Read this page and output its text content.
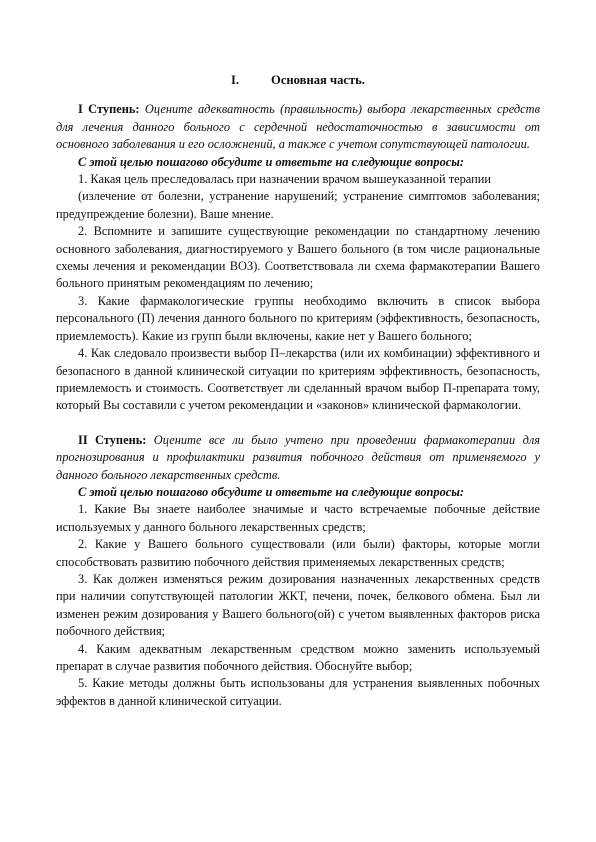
I.	Основная часть.

I Ступень: Оцените адекватность (правильность) выбора лекарственных средств для лечения данного больного с сердечной недостаточностью в зависимости от основного заболевания и его осложнений, а также с учетом сопутствующей патологии.

С этой целью пошагово обсудите и ответьте на следующие вопросы:

1. Какая цель преследовалась при назначении врачом вышеуказанной терапии

(излечение от болезни, устранение нарушений; устранение симптомов заболевания; предупреждение болезни). Ваше мнение.

2. Вспомните и запишите существующие рекомендации по стандартному лечению основного заболевания, диагностируемого у Вашего больного (в том числе рациональные схемы лечения и рекомендации ВОЗ). Соответствовала ли схема фармакотерапии Вашего больного принятым рекомендациям по лечению;

3. Какие фармакологические группы необходимо включить в список выбора персонального (П) лечения данного больного по критериям (эффективность, безопасность, приемлемость). Какие из групп были включены, какие нет у Вашего больного;

4. Как следовало произвести выбор П–лекарства (или их комбинации) эффективного и безопасного в данной клинической ситуации по критериям эффективность, безопасность, приемлемость и стоимость. Соответствует ли сделанный врачом выбор П-препарата тому, который Вы составили с учетом рекомендации и «законов» клинической фармакологии.

II Ступень: Оцените все ли было учтено при проведении фармакотерапии для прогнозирования и профилактики развития побочного действия от применяемого у данного больного лекарственных средств.

С этой целью пошагово обсудите и ответьте на следующие вопросы:

1. Какие Вы знаете наиболее значимые и часто встречаемые побочные действие используемых у данного больного лекарственных средств;

2. Какие у Вашего больного существовали (или были) факторы, которые могли способствовать развитию побочного действия применяемых лекарственных средств;

3. Как должен изменяться режим дозирования назначенных лекарственных средств при наличии сопутствующей патологии ЖКТ, печени, почек, белкового обмена. Был ли изменен режим дозирования у Вашего больного(ой) с учетом выявленных факторов риска побочного действия;

4. Каким адекватным лекарственным средством можно заменить используемый препарат в случае развития побочного действия. Обоснуйте выбор;

5. Какие методы должны быть использованы для устранения выявленных побочных эффектов в данной клинической ситуации.
